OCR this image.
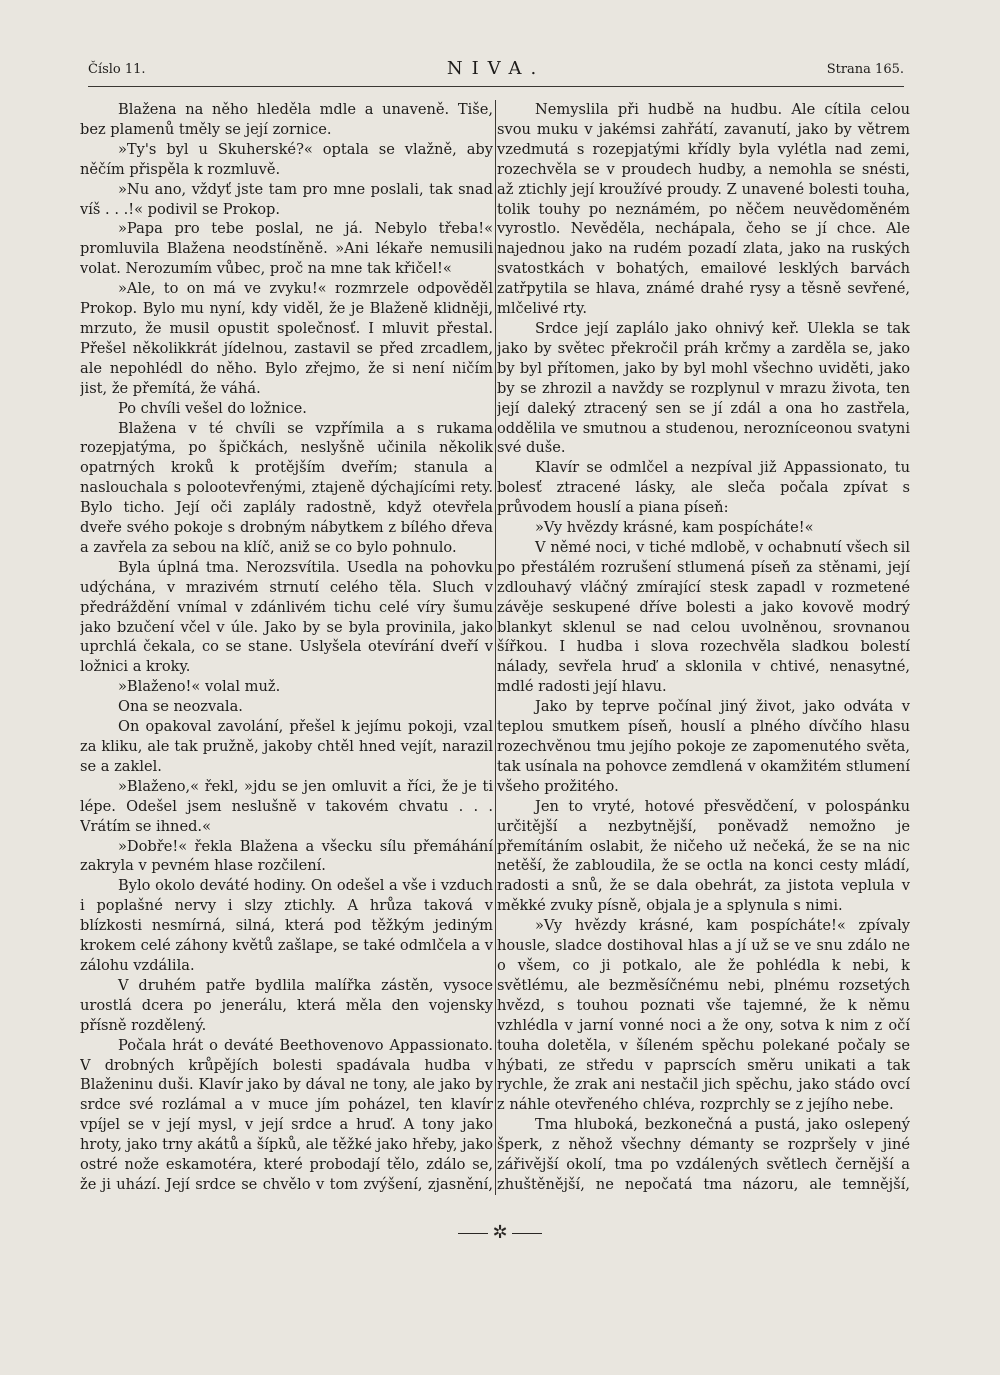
Číslo 11.	NIVA.	Strana 165.

Blažena na něho hleděla mdle a unaveně. Tiše, bez plamenů tměly se její zornice.

»Ty's byl u Skuherské?« optala se vlažně, aby něčím přispěla k rozmluvě.

»Nu ano, vždyť jste tam pro mne poslali, tak snad víš . . .!« podivil se Prokop.

»Papa pro tebe poslal, ne já. Nebylo třeba!« promluvila Blažena neodstíněně. »Ani lékaře nemusili volat. Nerozumím vůbec, proč na mne tak křičel!«

»Ale, to on má ve zvyku!« rozmrzele odpověděl Prokop. Bylo mu nyní, kdy viděl, že je Blaženě klidněji, mrzuto, že musil opustit společnosť. I mluvit přestal. Přešel několikkrát jídelnou, zastavil se před zrcadlem, ale nepohlédl do něho. Bylo zřejmo, že si není ničím jist, že přemítá, že váhá.

Po chvíli vešel do ložnice.

Blažena v té chvíli se vzpřímila a s rukama rozepjatýma, po špičkách, neslyšně učinila několik opatrných kroků k protějším dveřím; stanula a naslouchala s polootevřenými, ztajeně dýchajícími rety. Bylo ticho. Její oči zaplály radostně, když otevřela dveře svého pokoje s drobným nábytkem z bílého dřeva a zavřela za sebou na klíč, aniž se co bylo pohnulo.

Byla úplná tma. Nerozsvítila. Usedla na pohovku udýchána, v mrazivém strnutí celého těla. Sluch v předráždění vnímal v zdánlivém tichu celé víry šumu jako bzučení včel v úle. Jako by se byla provinila, jako uprchlá čekala, co se stane. Uslyšela otevírání dveří v ložnici a kroky.

»Blaženo!« volal muž.

Ona se neozvala.

On opakoval zavolání, přešel k jejímu pokoji, vzal za kliku, ale tak pružně, jakoby chtěl hned vejít, narazil se a zaklel.

»Blaženo,« řekl, »jdu se jen omluvit a říci, že je ti lépe. Odešel jsem neslušně v takovém chvatu . . . Vrátím se ihned.«

»Dobře!« řekla Blažena a všecku sílu přemáhání zakryla v pevném hlase rozčilení.

Bylo okolo deváté hodiny. On odešel a vše i vzduch i poplašné nervy i slzy ztichly. A hrůza taková v blízkosti nesmírná, silná, která pod těžkým jediným krokem celé záhony květů zašlape, se také odmlčela a v zálohu vzdálila.

V druhém patře bydlila malířka zástěn, vysoce urostlá dcera po jenerálu, která měla den vojensky přísně rozdělený.

Počala hrát o deváté Beethovenovo Appassionato. V drobných krůpějích bolesti spadávala hudba v Blaženinu duši. Klavír jako by dával ne tony, ale jako by srdce své rozlámal a v muce jím poházel, ten klavír vpíjel se v její mysl, v její srdce a hruď. A tony jako hroty, jako trny akátů a šípků, ale těžké jako hřeby, jako ostré nože eskamotéra, které probodají tělo, zdálo se, že ji uhází. Její srdce se chvělo v tom zvýšení, zjasnění,

Nemyslila při hudbě na hudbu. Ale cítila celou svou muku v jakémsi zahřátí, zavanutí, jako by větrem vzedmutá s rozepjatými křídly byla vylétla nad zemi, rozechvěla se v proudech hudby, a nemohla se snésti, až ztichly její kroužívé proudy. Z unavené bolesti touha, tolik touhy po neznámém, po něčem neuvědoměném vyrostlo. Nevěděla, nechápala, čeho se jí chce. Ale najednou jako na rudém pozadí zlata, jako na ruských svatostkách v bohatých, emailové lesklých barvách zatřpytila se hlava, známé drahé rysy a těsně sevřené, mlčelivé rty.

Srdce její zaplálo jako ohnivý keř. Ulekla se tak jako by světec překročil práh krčmy a zarděla se, jako by byl přítomen, jako by byl mohl všechno uviděti, jako by se zhrozil a navždy se rozplynul v mrazu života, ten její daleký ztracený sen se jí zdál a ona ho zastřela, oddělila ve smutnou a studenou, nerozníceonou svatyni své duše.

Klavír se odmlčel a nezpíval již Appassionato, tu bolesť ztracené lásky, ale sleča počala zpívat s průvodem houslí a piana píseň:

»Vy hvězdy krásné, kam pospícháte!«

V němé noci, v tiché mdlobě, v ochabnutí všech sil po přestálém rozrušení stlumená píseň za stěnami, její zdlouhavý vláčný zmírající stesk zapadl v rozmetené závěje seskupené dříve bolesti a jako kovově modrý blankyt sklenul se nad celou uvolněnou, srovnanou šířkou. I hudba i slova rozechvěla sladkou bolestí nálady, sevřela hruď a sklonila v chtivé, nenasytné, mdlé radosti její hlavu.

Jako by teprve počínal jiný život, jako odváta v teplou smutkem píseň, houslí a plného dívčího hlasu rozechvěnou tmu jejího pokoje ze zapomenutého světa, tak usínala na pohovce zemdlená v okamžitém stlumení všeho prožitého.

Jen to vryté, hotové přesvědčení, v polospánku určitější a nezbytnější, poněvadž nemožno je přemítáním oslabit, že ničeho už nečeká, že se na nic netěší, že zabloudila, že se octla na konci cesty mládí, radosti a snů, že se dala obehrát, za jistota veplula v měkké zvuky písně, objala je a splynula s nimi.

»Vy hvězdy krásné, kam pospícháte!« zpívaly housle, sladce dostihoval hlas a jí už se ve snu zdálo ne o všem, co ji potkalo, ale že pohlédla k nebi, k světlému, ale bezměsíčnému nebi, plnému rozsetých hvězd, s touhou poznati vše tajemné, že k němu vzhlédla v jarní vonné noci a že ony, sotva k nim z očí touha doletěla, v šíleném spěchu polekané počaly se hýbati, ze středu v paprscích směru unikati a tak rychle, že zrak ani nestačil jich spěchu, jako stádo ovcí z náhle otevřeného chléva, rozprchly se z jejího nebe.

Tma hluboká, bezkonečná a pustá, jako oslepený šperk, z něhož všechny démanty se rozpršely v jiné zářivější okolí, tma po vzdálených světlech černější a zhuštěnější, ne nepočatá tma názoru, ale temnější,

✲
